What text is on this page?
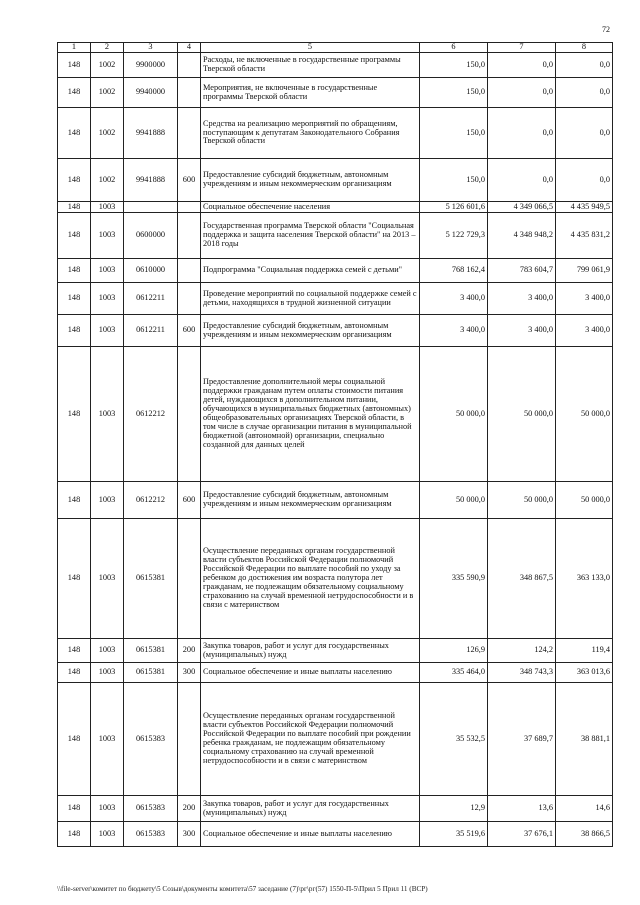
72
1	2	3	4	5	6	7	8
148	1002	9900000		Расходы, не включенные в государственные программы Тверской области	150,0	0,0	0,0
148	1002	9940000		Мероприятия, не включенные в государственные программы Тверской области	150,0	0,0	0,0
148	1002	9941888		Средства на реализацию мероприятий по обращениям, поступающим к депутатам Законодательного Собрания Тверской области	150,0	0,0	0,0
148	1002	9941888	600	Предоставление субсидий бюджетным, автономным учреждениям и иным некоммерческим организациям	150,0	0,0	0,0
148	1003			Социальное обеспечение населения	5 126 601,6	4 349 066,5	4 435 949,5
148	1003	0600000		Государственная программа Тверской области "Социальная поддержка и защита населения Тверской области" на 2013 – 2018 годы	5 122 729,3	4 348 948,2	4 435 831,2
148	1003	0610000		Подпрограмма "Социальная поддержка семей с детьми"	768 162,4	783 604,7	799 061,9
148	1003	0612211		Проведение мероприятий по социальной поддержке семей с детьми, находящихся в трудной жизненной ситуации	3 400,0	3 400,0	3 400,0
148	1003	0612211	600	Предоставление субсидий бюджетным, автономным учреждениям и иным некоммерческим организациям	3 400,0	3 400,0	3 400,0
148	1003	0612212		Предоставление дополнительной меры социальной поддержки гражданам путем оплаты стоимости питания детей, нуждающихся в дополнительном питании, обучающихся в муниципальных бюджетных (автономных) общеобразовательных организациях Тверской области, в том числе в случае организации питания в муниципальной бюджетной (автономной) организации, специально созданной для данных целей	50 000,0	50 000,0	50 000,0
148	1003	0612212	600	Предоставление субсидий бюджетным, автономным учреждениям и иным некоммерческим организациям	50 000,0	50 000,0	50 000,0
148	1003	0615381		Осуществление переданных органам государственной власти субъектов Российской Федерации полномочий Российской Федерации по выплате пособий по уходу за ребенком до достижения им возраста полутора лет гражданам, не подлежащим обязательному социальному страхованию на случай временной нетрудоспособности и в связи с материнством	335 590,9	348 867,5	363 133,0
148	1003	0615381	200	Закупка товаров, работ и услуг для государственных (муниципальных) нужд	126,9	124,2	119,4
148	1003	0615381	300	Социальное обеспечение и иные выплаты населению	335 464,0	348 743,3	363 013,6
148	1003	0615383		Осуществление переданных органам государственной власти субъектов Российской Федерации полномочий Российской Федерации по выплате пособий при рождении ребенка гражданам, не подлежащим обязательному социальному страхованию на случай временной нетрудоспособности и в связи с материнством	35 532,5	37 689,7	38 881,1
148	1003	0615383	200	Закупка товаров, работ и услуг для государственных (муниципальных) нужд	12,9	13,6	14,6
148	1003	0615383	300	Социальное обеспечение и иные выплаты населению	35 519,6	37 676,1	38 866,5
\\file-server\комитет по бюджету\5 Созыв\документы комитета\57 заседание (7)\рг\рг(57) 1550-П-5\Прил 5 Прил 11 (ВСР)
